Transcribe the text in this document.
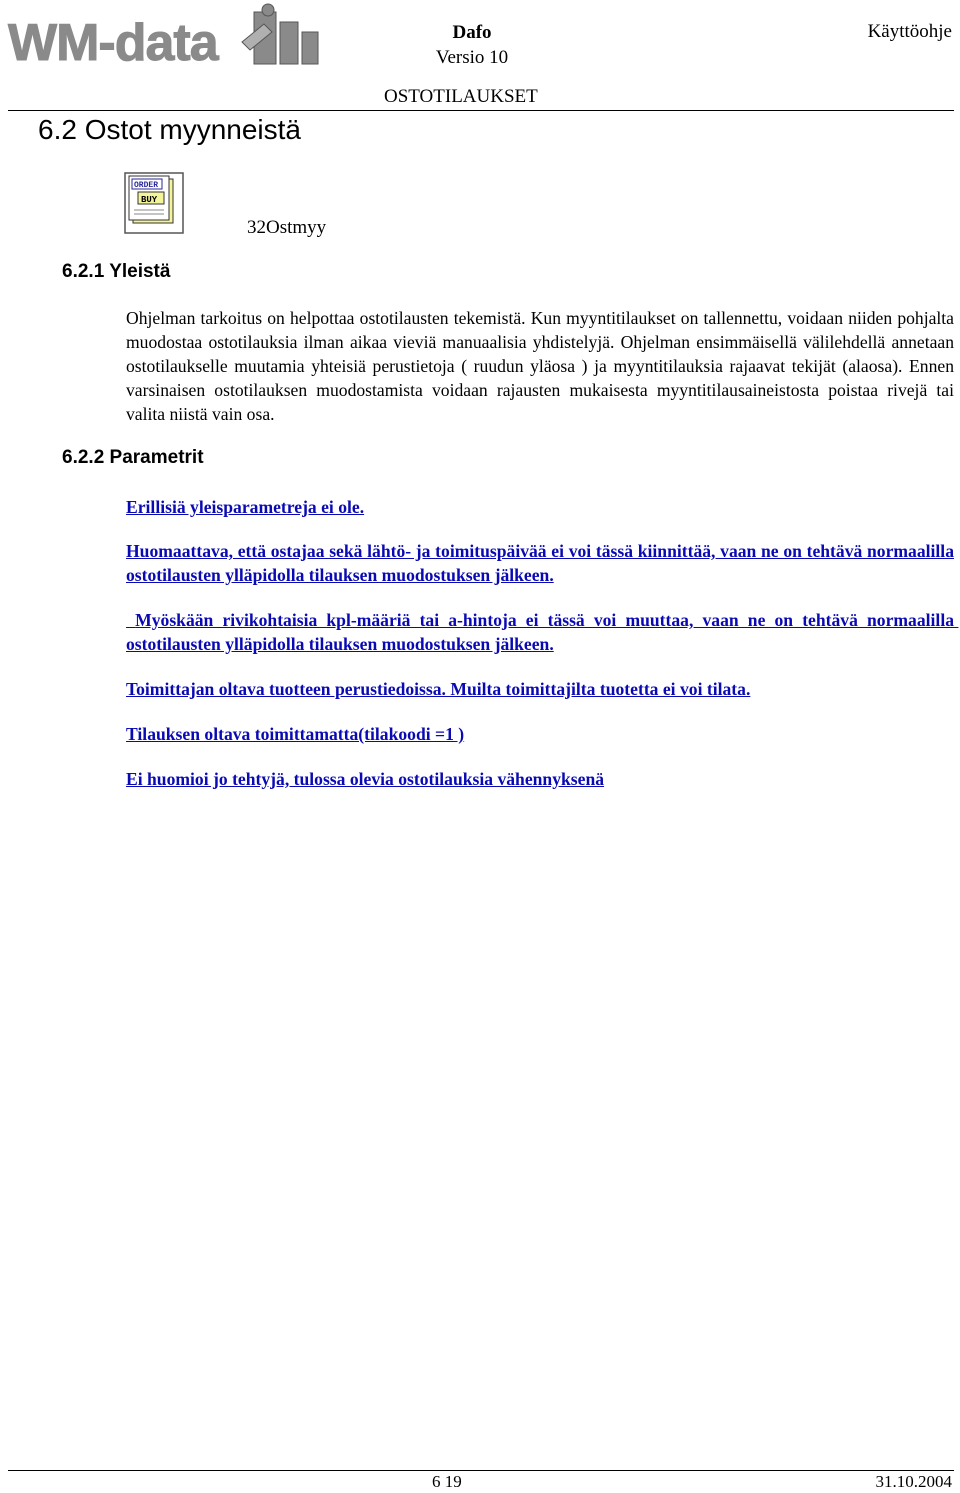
WM-data	Dafo
Versio 10
Käyttöohje
OSTOTILAUKSET
6.2 Ostot myynneistä
ORDER
BUY
32Ostmyy
6.2.1 Yleistä
Ohjelman tarkoitus on helpottaa ostotilausten tekemistä. Kun myyntitilaukset on tallennettu, voidaan niiden pohjalta muodostaa ostotilauksia ilman aikaa vieviä manuaalisia yhdistelyjä. Ohjelman ensimmäisellä välilehdellä annetaan ostotilaukselle muutamia yhteisiä perustietoja ( ruudun yläosa ) ja myyntitilauksia rajaavat tekijät (alaosa). Ennen varsinaisen ostotilauksen muodostamista voidaan rajausten mukaisesta myyntitilausaineistosta poistaa rivejä tai valita niistä vain osa.
6.2.2 Parametrit
Erillisiä yleisparametreja ei ole.
Huomaattava, että ostajaa sekä lähtö- ja toimituspäivää ei voi tässä kiinnittää, vaan ne on tehtävä normaalilla ostotilausten ylläpidolla tilauksen muodostuksen jälkeen.
Myöskään rivikohtaisia kpl-määriä tai a-hintoja ei tässä voi muuttaa, vaan ne on tehtävä normaalilla ostotilausten ylläpidolla tilauksen muodostuksen jälkeen.
Toimittajan oltava tuotteen perustiedoissa. Muilta toimittajilta tuotetta ei voi tilata.
Tilauksen oltava toimittamatta(tilakoodi =1 )
Ei huomioi jo tehtyjä, tulossa olevia ostotilauksia vähennyksenä
6 19	31.10.2004
